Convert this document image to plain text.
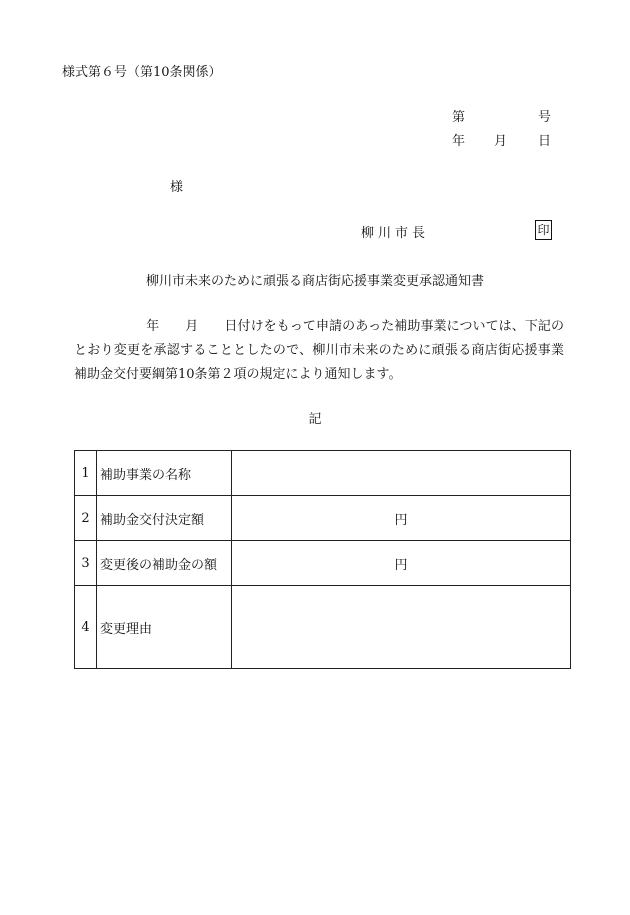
様式第６号（第10条関係）
第	号
年 月 日
様
柳川市長	印
柳川市未来のために頑張る商店街応援事業変更承認通知書
年 月 日付けをもって申請のあった補助事業については、下記のとおり変更を承認することとしたので、柳川市未来のために頑張る商店街応援事業補助金交付要綱第10条第２項の規定により通知します。
記
1	補助事業の名称	
2	補助金交付決定額	円
3	変更後の補助金の額	円
4	変更理由	
